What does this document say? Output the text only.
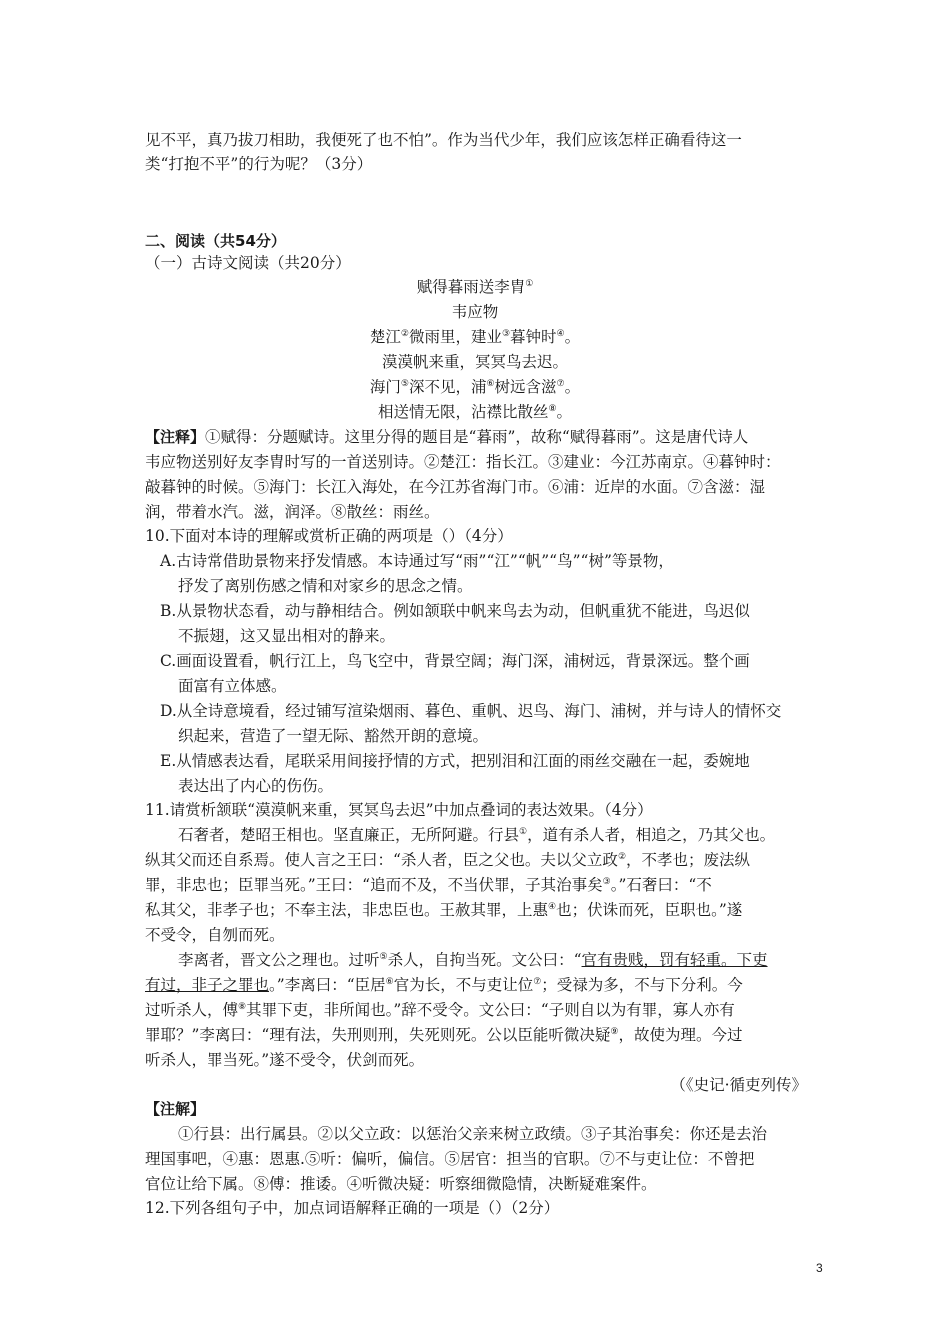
见不平，真乃拔刀相助，我便死了也不怕”。作为当代少年，我们应该怎样正确看待这一
类“打抱不平”的行为呢？（3分）
二、阅读（共54分）
（一）古诗文阅读（共20分）
赋得暮雨送李胄①
韦应物
楚江②微雨里，建业③暮钟时④。
漠漠帆来重，冥冥鸟去迟。
海门⑤深不见，浦⑥树远含滋⑦。
相送情无限，沾襟比散丝⑧。
【注释】①赋得：分题赋诗。这里分得的题目是“暮雨”，故称“赋得暮雨”。这是唐代诗人
韦应物送别好友李胄时写的一首送别诗。②楚江：指长江。③建业：今江苏南京。④暮钟时：
敲暮钟的时候。⑤海门：长江入海处，在今江苏省海门市。⑥浦：近岸的水面。⑦含滋：湿
润，带着水汽。滋，润泽。⑧散丝：雨丝。
10.下面对本诗的理解或赏析正确的两项是（）（4分）
A.古诗常借助景物来抒发情感。本诗通过写“雨”“江”“帆”“鸟”“树”等景物，
抒发了离别伤感之情和对家乡的思念之情。
B.从景物状态看，动与静相结合。例如颔联中帆来鸟去为动，但帆重犹不能进，鸟迟似
不振翅，这又显出相对的静来。
C.画面设置看，帆行江上，鸟飞空中，背景空阔；海门深，浦树远，背景深远。整个画
面富有立体感。
D.从全诗意境看，经过铺写渲染烟雨、暮色、重帆、迟鸟、海门、浦树，并与诗人的情怀交
织起来，营造了一望无际、豁然开朗的意境。
E.从情感表达看，尾联采用间接抒情的方式，把别泪和江面的雨丝交融在一起，委婉地
表达出了内心的伤伤。
11.请赏析颔联“漠漠帆来重，冥冥鸟去迟”中加点叠词的表达效果。（4分）
石奢者，楚昭王相也。坚直廉正，无所阿避。行县①，道有杀人者，相追之，乃其父也。
纵其父而还自系焉。使人言之王曰：“杀人者，臣之父也。夫以父立政②，不孝也；废法纵
罪，非忠也；臣罪当死。”王曰：“追而不及，不当伏罪，子其治事矣③。”石奢曰：“不
私其父，非孝子也；不奉主法，非忠臣也。王赦其罪，上惠④也；伏诛而死，臣职也。”遂
不受令，自刎而死。
李离者，晋文公之理也。过听⑤杀人，自拘当死。文公曰：“官有贵贱，罚有轻重。下吏
有过，非子之罪也。”李离曰：“臣居⑥官为长，不与吏让位⑦；受禄为多，不与下分利。今
过听杀人，傅⑧其罪下吏，非所闻也。”辞不受令。文公曰：“子则自以为有罪，寡人亦有
罪耶？”李离曰：“理有法，失刑则刑，失死则死。公以臣能听微决疑⑨，故使为理。今过
听杀人，罪当死。”遂不受令，伏剑而死。
（《史记·循吏列传》
【注解】
①行县：出行属县。②以父立政：以惩治父亲来树立政绩。③子其治事矣：你还是去治
理国事吧，④惠：恩惠.⑤听：偏听，偏信。⑤居官：担当的官职。⑦不与吏让位：不曾把
官位让给下属。⑧傅：推诿。④听微决疑：听察细微隐情，决断疑难案件。
12.下列各组句子中，加点词语解释正确的一项是（）（2分）
3
